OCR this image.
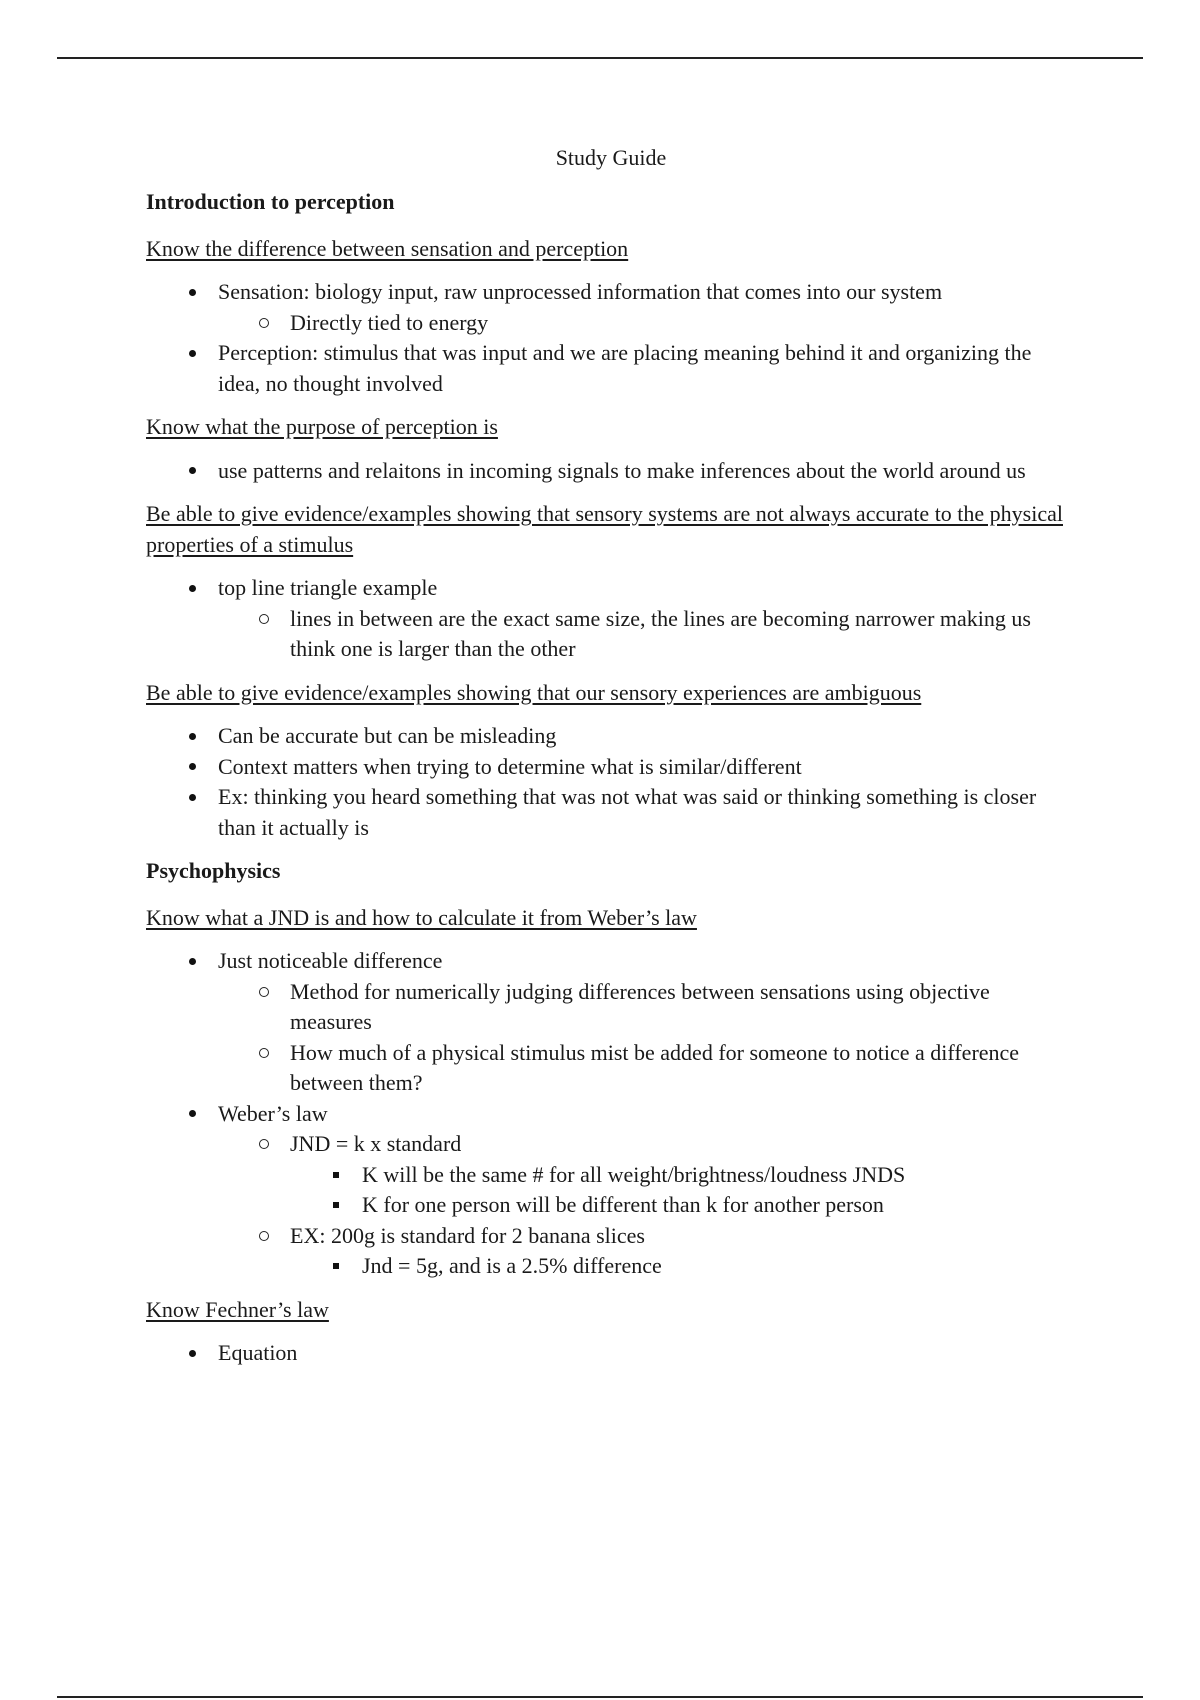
Study Guide
Introduction to perception
Know the difference between sensation and perception
Sensation: biology input, raw unprocessed information that comes into our system
Directly tied to energy
Perception: stimulus that was input and we are placing meaning behind it and organizing the idea, no thought involved
Know what the purpose of perception is
use patterns and relaitons in incoming signals to make inferences about the world around us
Be able to give evidence/examples showing that sensory systems are not always accurate to the physical properties of a stimulus
top line triangle example
lines in between are the exact same size, the lines are becoming narrower making us think one is larger than the other
Be able to give evidence/examples showing that our sensory experiences are ambiguous
Can be accurate but can be misleading
Context matters when trying to determine what is similar/different
Ex: thinking you heard something that was not what was said or thinking something is closer than it actually is
Psychophysics
Know what a JND is and how to calculate it from Weber’s law
Just noticeable difference
Method for numerically judging differences between sensations using objective measures
How much of a physical stimulus mist be added for someone to notice a difference between them?
Weber’s law
JND = k x standard
K will be the same # for all weight/brightness/loudness JNDS
K for one person will be different than k for another person
EX: 200g is standard for 2 banana slices
Jnd = 5g, and is a 2.5% difference
Know Fechner’s law
Equation
